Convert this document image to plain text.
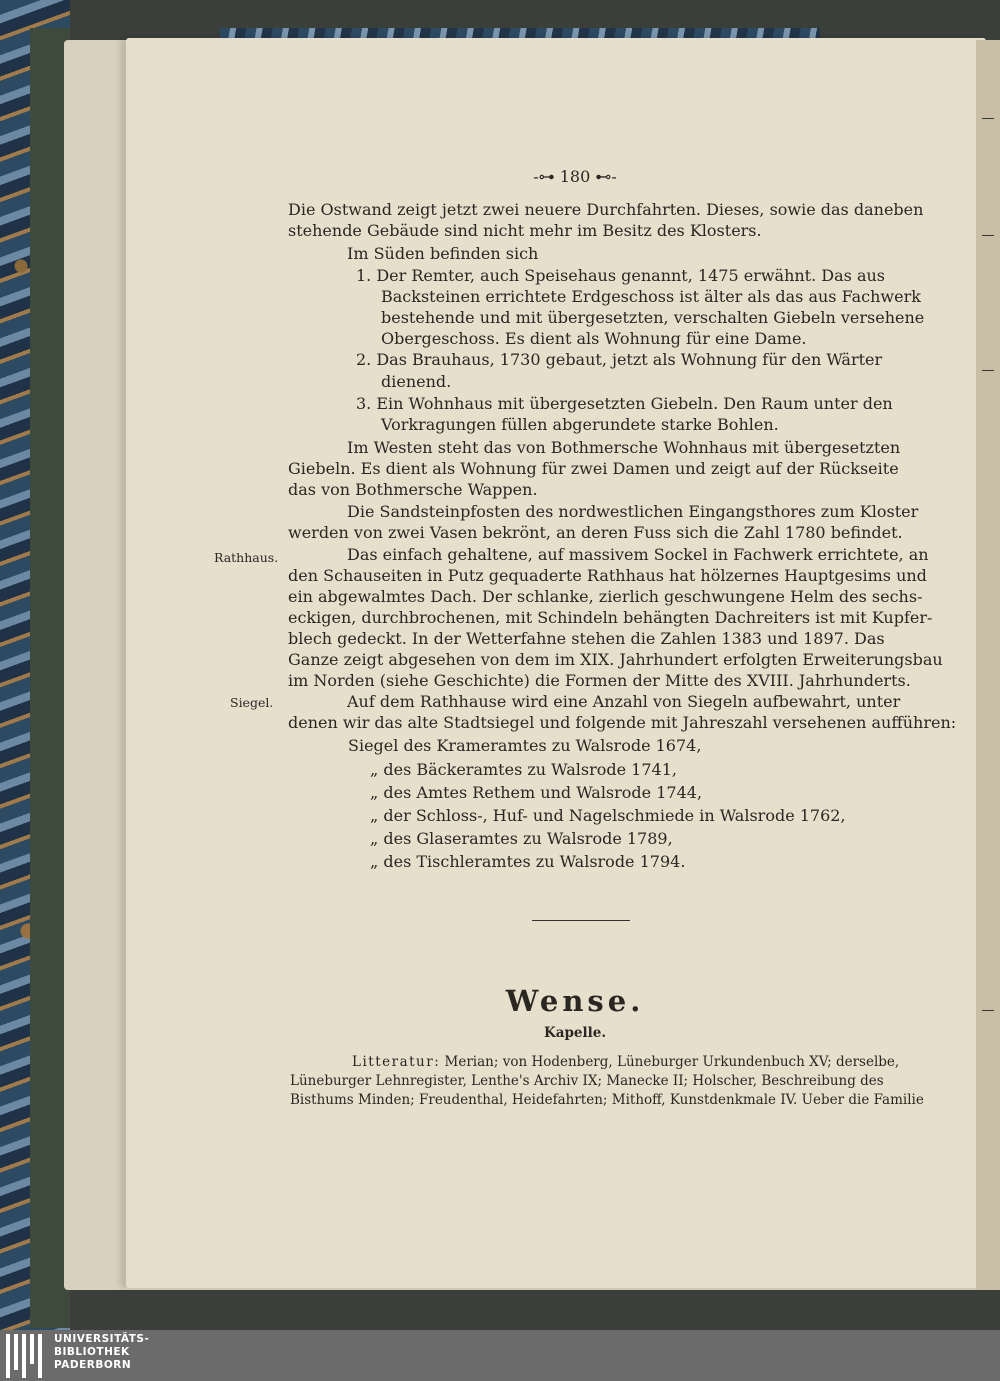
-⊶ 180 ⊷-
Die Ostwand zeigt jetzt zwei neuere Durchfahrten. Dieses, sowie das daneben
stehende Gebäude sind nicht mehr im Besitz des Klosters.
Im Süden befinden sich
1. Der Remter, auch Speisehaus genannt, 1475 erwähnt. Das aus
Backsteinen errichtete Erdgeschoss ist älter als das aus Fachwerk
bestehende und mit übergesetzten, verschalten Giebeln versehene
Obergeschoss. Es dient als Wohnung für eine Dame.
2. Das Brauhaus, 1730 gebaut, jetzt als Wohnung für den Wärter
dienend.
3. Ein Wohnhaus mit übergesetzten Giebeln. Den Raum unter den
Vorkragungen füllen abgerundete starke Bohlen.
Im Westen steht das von Bothmersche Wohnhaus mit übergesetzten
Giebeln. Es dient als Wohnung für zwei Damen und zeigt auf der Rückseite
das von Bothmersche Wappen.
Die Sandsteinpfosten des nordwestlichen Eingangsthores zum Kloster
werden von zwei Vasen bekrönt, an deren Fuss sich die Zahl 1780 befindet.
Das einfach gehaltene, auf massivem Sockel in Fachwerk errichtete, an
den Schauseiten in Putz gequaderte Rathhaus hat hölzernes Hauptgesims und
ein abgewalmtes Dach. Der schlanke, zierlich geschwungene Helm des sechs-
eckigen, durchbrochenen, mit Schindeln behängten Dachreiters ist mit Kupfer-
blech gedeckt. In der Wetterfahne stehen die Zahlen 1383 und 1897. Das
Ganze zeigt abgesehen von dem im XIX. Jahrhundert erfolgten Erweiterungsbau
im Norden (siehe Geschichte) die Formen der Mitte des XVIII. Jahrhunderts.
Auf dem Rathhause wird eine Anzahl von Siegeln aufbewahrt, unter
denen wir das alte Stadtsiegel und folgende mit Jahreszahl versehenen aufführen:
Siegel des Krameramtes zu Walsrode 1674,
„ des Bäckeramtes zu Walsrode 1741,
„ des Amtes Rethem und Walsrode 1744,
„ der Schloss-, Huf- und Nagelschmiede in Walsrode 1762,
„ des Glaseramtes zu Walsrode 1789,
„ des Tischleramtes zu Walsrode 1794.
Rathhaus.
Siegel.
Wense.
Kapelle.
Litteratur: Merian; von Hodenberg, Lüneburger Urkundenbuch XV; derselbe,
Lüneburger Lehnregister, Lenthe's Archiv IX; Manecke II; Holscher, Beschreibung des
Bisthums Minden; Freudenthal, Heidefahrten; Mithoff, Kunstdenkmale IV. Ueber die Familie
UNIVERSITÄTS-
BIBLIOTHEK
PADERBORN
